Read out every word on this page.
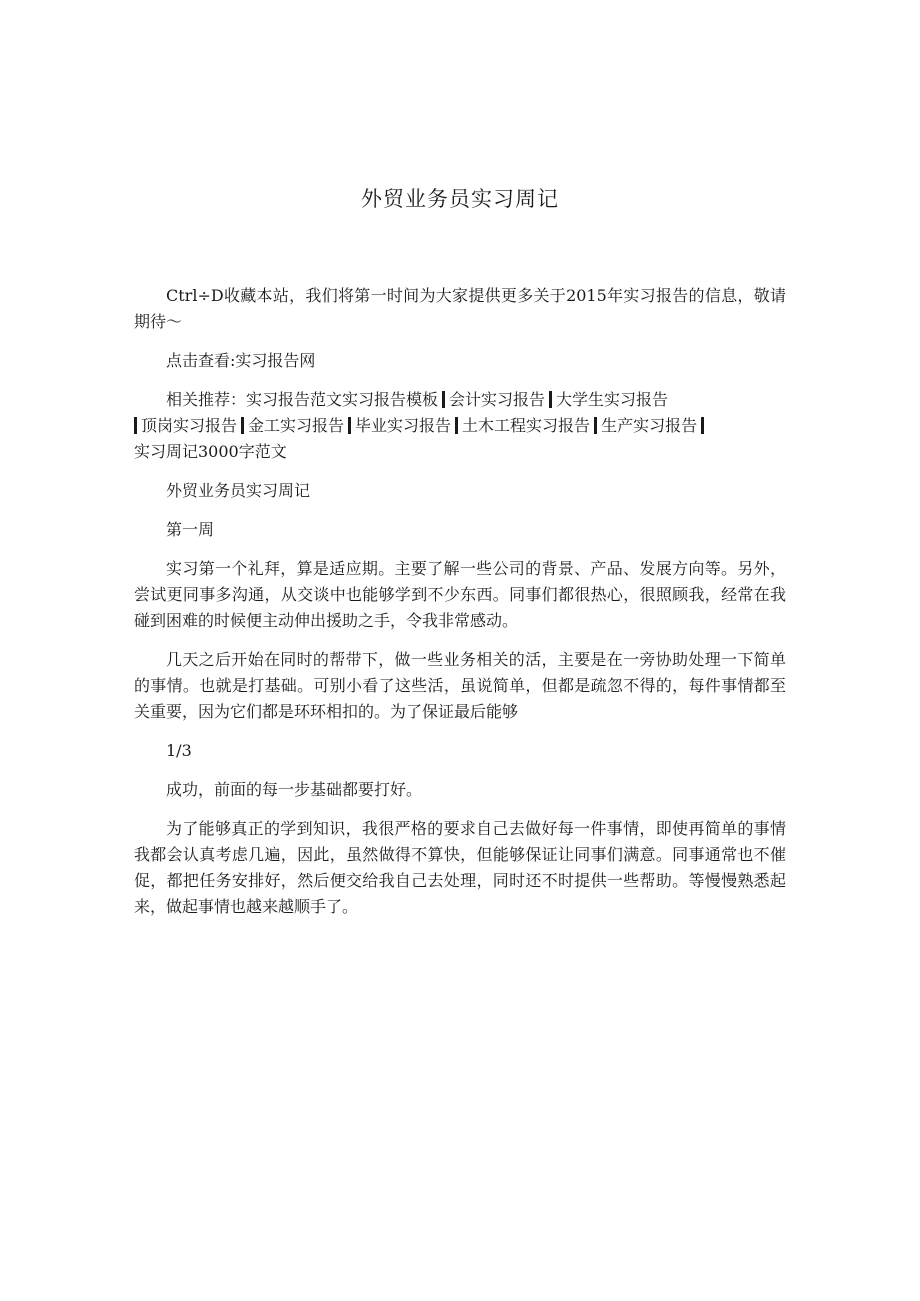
外贸业务员实习周记

Ctrl÷D收藏本站，我们将第一时间为大家提供更多关于2015年实习报告的信息，敬请期待～

点击查看:实习报告网

相关推荐：实习报告范文实习报告模板 会计实习报告 大学生实习报告

顶岗实习报告 金工实习报告 毕业实习报告 土木工程实习报告 生产实习报告

实习周记3000字范文

外贸业务员实习周记

第一周

实习第一个礼拜，算是适应期。主要了解一些公司的背景、产品、发展方向等。另外，尝试更同事多沟通，从交谈中也能够学到不少东西。同事们都很热心，很照顾我，经常在我碰到困难的时候便主动伸出援助之手，令我非常感动。

几天之后开始在同时的帮带下，做一些业务相关的活，主要是在一旁协助处理一下简单的事情。也就是打基础。可别小看了这些活，虽说简单，但都是疏忽不得的，每件事情都至关重要，因为它们都是环环相扣的。为了保证最后能够

1/3

成功，前面的每一步基础都要打好。

为了能够真正的学到知识，我很严格的要求自己去做好每一件事情，即使再简单的事情我都会认真考虑几遍，因此，虽然做得不算快，但能够保证让同事们满意。同事通常也不催促，都把任务安排好，然后便交给我自己去处理，同时还不时提供一些帮助。等慢慢熟悉起来，做起事情也越来越顺手了。
